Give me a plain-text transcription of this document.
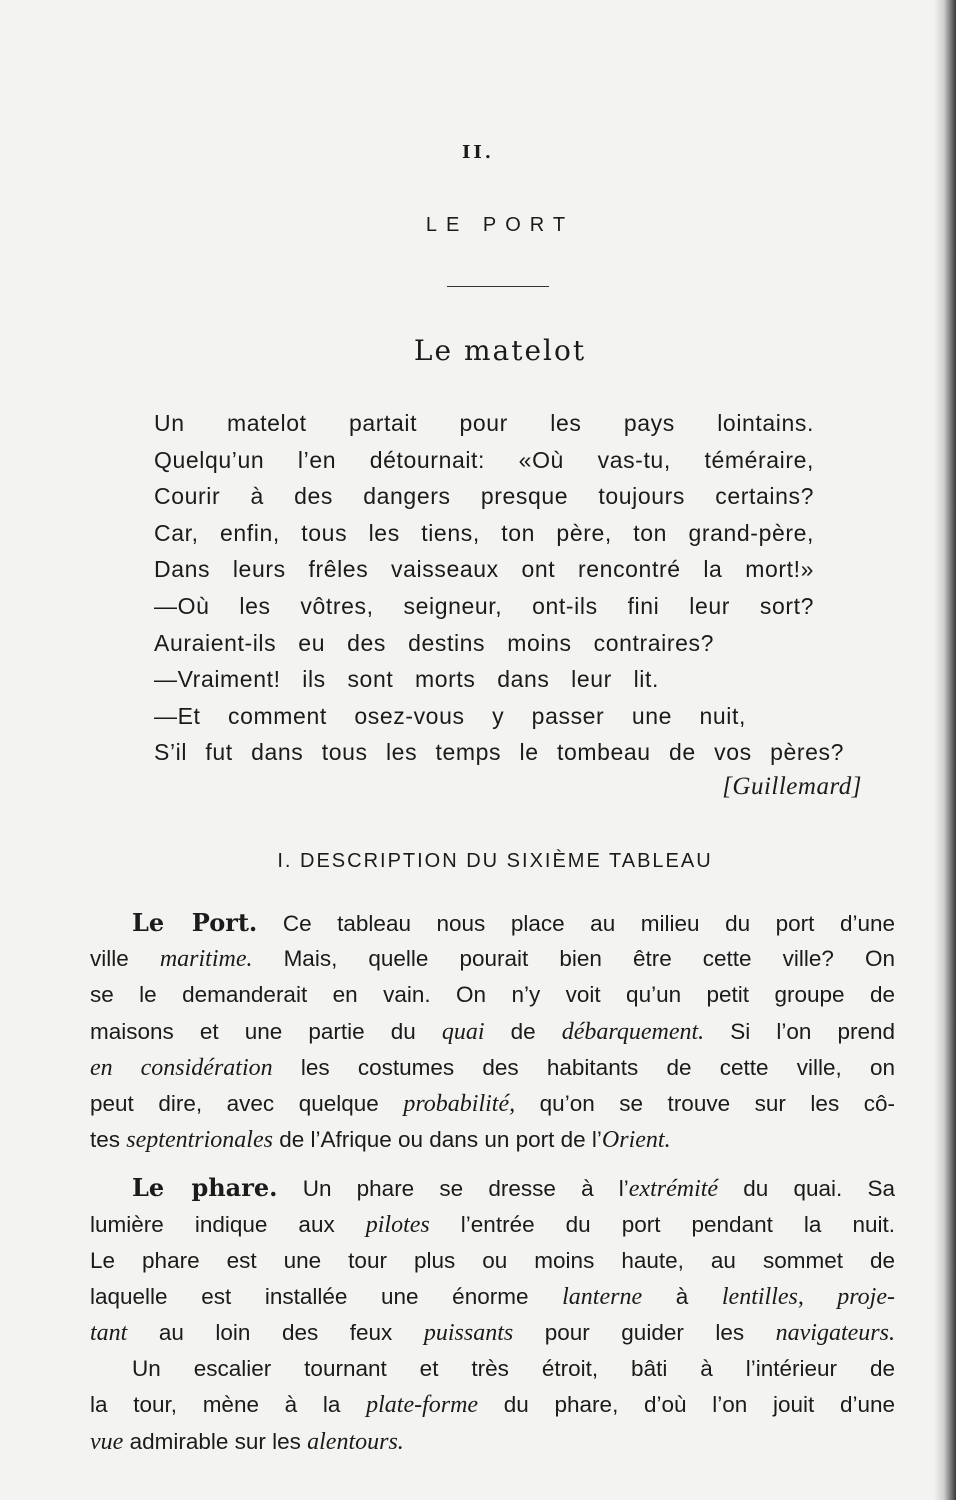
II.
LE PORT
Le matelot
Un matelot partait pour les pays lointains.
Quelqu’un l’en détournait: «Où vas-tu, téméraire,
Courir à des dangers presque toujours certains?
Car, enfin, tous les tiens, ton père, ton grand-père,
Dans leurs frêles vaisseaux ont rencontré la mort!»
—Où les vôtres, seigneur, ont-ils fini leur sort?
Auraient-ils eu des destins moins contraires?
—Vraiment! ils sont morts dans leur lit.
—Et comment osez-vous y passer une nuit,
S’il fut dans tous les temps le tombeau de vos pères?
[Guillemard]
I. DESCRIPTION DU SIXIÈME TABLEAU
Le Port. Ce tableau nous place au milieu du port d’une
ville maritime. Mais, quelle pourait bien être cette ville? On
se le demanderait en vain. On n’y voit qu’un petit groupe de
maisons et une partie du quai de débarquement. Si l’on prend
en considération les costumes des habitants de cette ville, on
peut dire, avec quelque probabilité, qu’on se trouve sur les cô-
tes septentrionales de l’Afrique ou dans un port de l’Orient.
Le phare. Un phare se dresse à l’extrémité du quai. Sa
lumière indique aux pilotes l’entrée du port pendant la nuit.
Le phare est une tour plus ou moins haute, au sommet de
laquelle est installée une énorme lanterne à lentilles, proje-
tant au loin des feux puissants pour guider les navigateurs.
Un escalier tournant et très étroit, bâti à l’intérieur de
la tour, mène à la plate-forme du phare, d’où l’on jouit d’une
vue admirable sur les alentours.
